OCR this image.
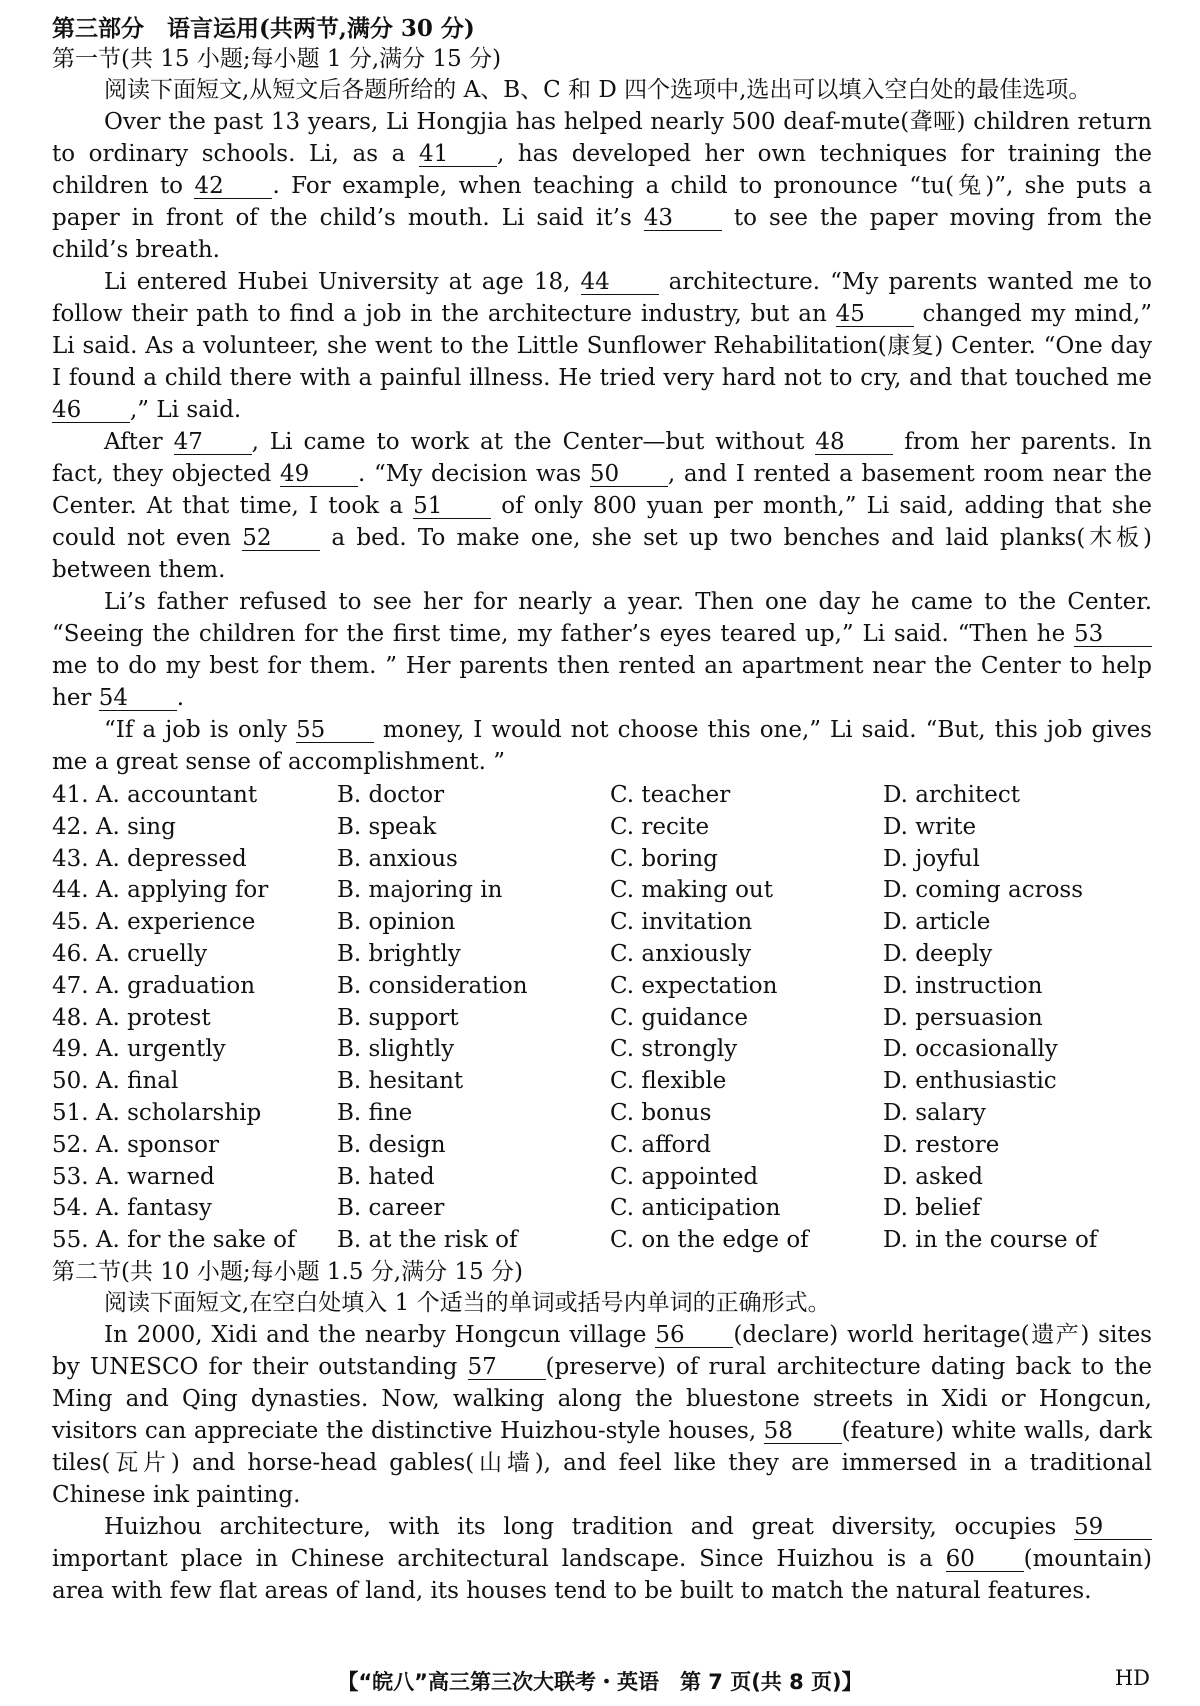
第三部分　语言运用(共两节,满分 30 分)
第一节(共 15 小题;每小题 1 分,满分 15 分)

阅读下面短文,从短文后各题所给的 A、B、C 和 D 四个选项中,选出可以填入空白处的最佳选项。

Over the past 13 years, Li Hongjia has helped nearly 500 deaf-mute(聋哑) children return to ordinary schools. Li, as a 41 , has developed her own techniques for training the children to 42 . For example, when teaching a child to pronounce “tu(兔)”, she puts a paper in front of the child’s mouth. Li said it’s 43 to see the paper moving from the child’s breath.

Li entered Hubei University at age 18, 44 architecture. “My parents wanted me to follow their path to find a job in the architecture industry, but an 45 changed my mind,” Li said. As a volunteer, she went to the Little Sunflower Rehabilitation(康复) Center. “One day I found a child there with a painful illness. He tried very hard not to cry, and that touched me 46 ,” Li said.

After 47 , Li came to work at the Center—but without 48 from her parents. In fact, they objected 49 . “My decision was 50 , and I rented a basement room near the Center. At that time, I took a 51 of only 800 yuan per month,” Li said, adding that she could not even 52 a bed. To make one, she set up two benches and laid planks(木板) between them.

Li’s father refused to see her for nearly a year. Then one day he came to the Center. “Seeing the children for the first time, my father’s eyes teared up,” Li said. “Then he 53 me to do my best for them. ” Her parents then rented an apartment near the Center to help her 54 .

“If a job is only 55 money, I would not choose this one,” Li said. “But, this job gives me a great sense of accomplishment. ”

41. A. accountant	B. doctor	C. teacher	D. architect
42. A. sing	B. speak	C. recite	D. write
43. A. depressed	B. anxious	C. boring	D. joyful
44. A. applying for	B. majoring in	C. making out	D. coming across
45. A. experience	B. opinion	C. invitation	D. article
46. A. cruelly	B. brightly	C. anxiously	D. deeply
47. A. graduation	B. consideration	C. expectation	D. instruction
48. A. protest	B. support	C. guidance	D. persuasion
49. A. urgently	B. slightly	C. strongly	D. occasionally
50. A. final	B. hesitant	C. flexible	D. enthusiastic
51. A. scholarship	B. fine	C. bonus	D. salary
52. A. sponsor	B. design	C. afford	D. restore
53. A. warned	B. hated	C. appointed	D. asked
54. A. fantasy	B. career	C. anticipation	D. belief
55. A. for the sake of	B. at the risk of	C. on the edge of	D. in the course of
第二节(共 10 小题;每小题 1.5 分,满分 15 分)

阅读下面短文,在空白处填入 1 个适当的单词或括号内单词的正确形式。

In 2000, Xidi and the nearby Hongcun village 56 (declare) world heritage(遗产) sites by UNESCO for their outstanding 57 (preserve) of rural architecture dating back to the Ming and Qing dynasties. Now, walking along the bluestone streets in Xidi or Hongcun, visitors can appreciate the distinctive Huizhou-style houses, 58 (feature) white walls, dark tiles(瓦片) and horse-head gables(山墙), and feel like they are immersed in a traditional Chinese ink painting.

Huizhou architecture, with its long tradition and great diversity, occupies 59 important place in Chinese architectural landscape. Since Huizhou is a 60 (mountain) area with few flat areas of land, its houses tend to be built to match the natural features.

【“皖八”高三第三次大联考・英语　第 7 页(共 8 页)】	HD
